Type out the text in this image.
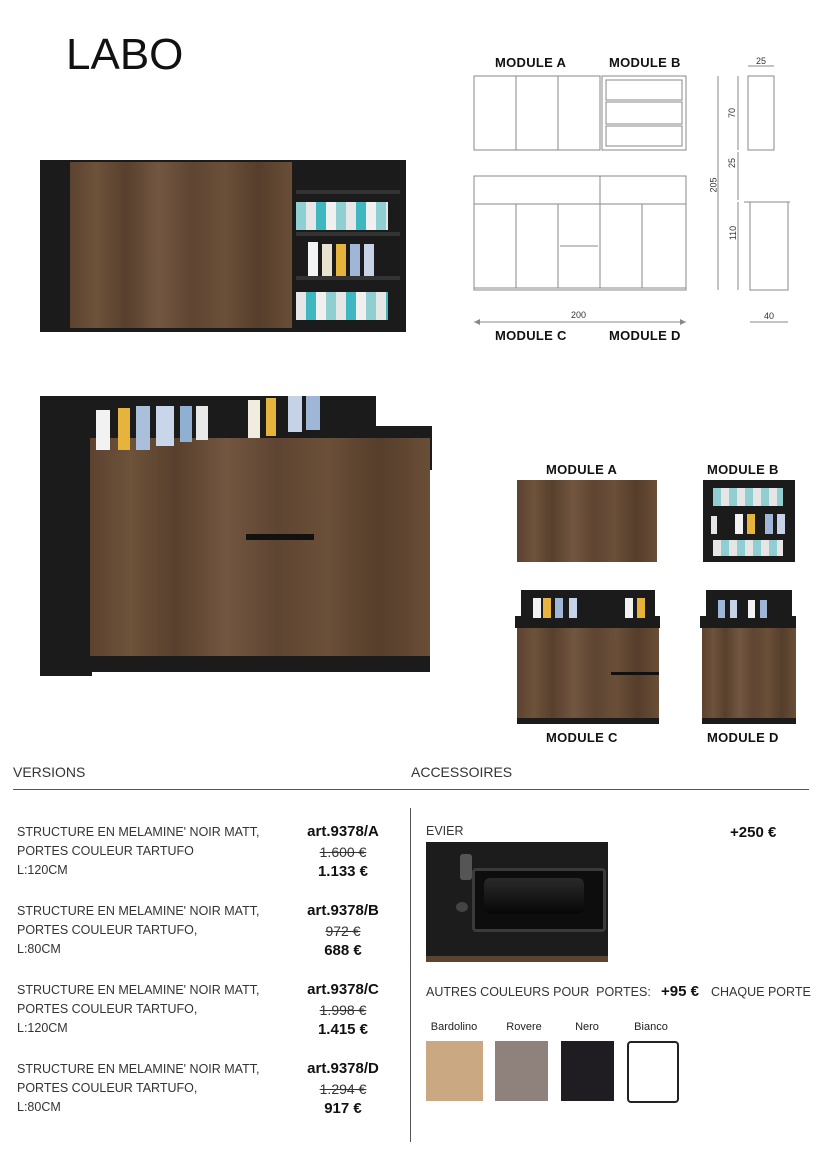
LABO	MODULE A	MODULE B
MODULE C	MODULE D
200
205
70
25
110
25
40
MODULE A	MODULE B
MODULE C	MODULE D
VERSIONS	ACCESSOIRES
STRUCTURE EN MELAMINE' NOIR MATT,
PORTES COULEUR TARTUFO
L:120CM
art.9378/A
1.600 €
1.133 €
STRUCTURE EN MELAMINE' NOIR MATT,
PORTES COULEUR TARTUFO,
L:80CM
art.9378/B
972 €
688 €
STRUCTURE EN MELAMINE' NOIR MATT,
PORTES COULEUR TARTUFO,
L:120CM
art.9378/C
1.998 €
1.415 €
STRUCTURE EN MELAMINE' NOIR MATT,
PORTES COULEUR TARTUFO,
L:80CM
art.9378/D
1.294 €
917 €
EVIER	+250 €
AUTRES COULEURS POUR  PORTES: +95 € CHAQUE PORTE
Bardolino	Rovere	Nero	Bianco
